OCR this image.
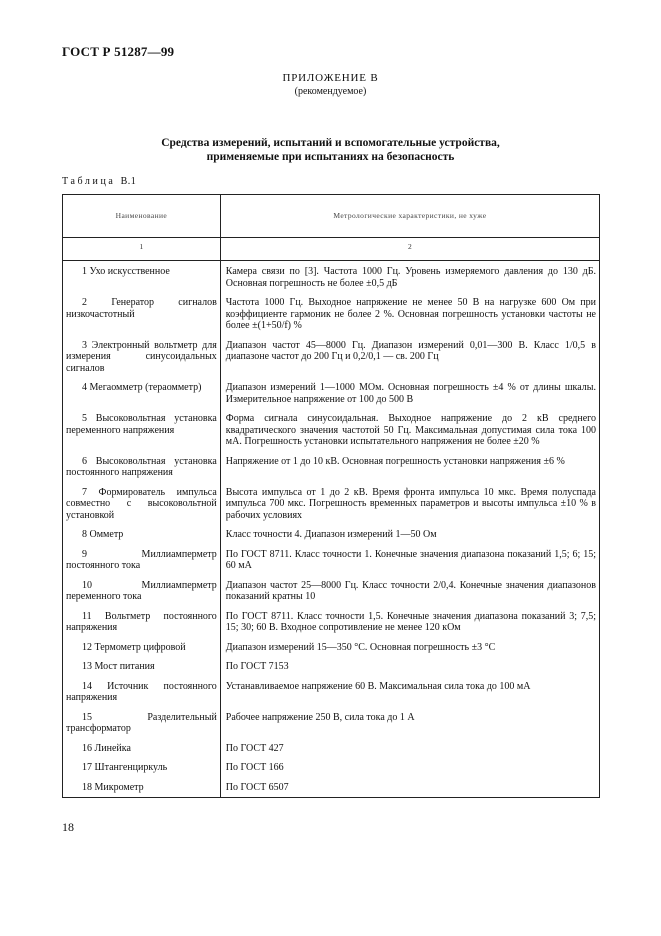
ГОСТ Р 51287—99
ПРИЛОЖЕНИЕ В
(рекомендуемое)
Средства измерений, испытаний и вспомогательные устройства,
применяемые при испытаниях на безопасность
Таблица В.1
Наименование	Метрологические характеристики, не хуже
1	2
1 Ухо искусственное	Камера связи по [3]. Частота 1000 Гц. Уровень измеряемого давления до 130 дБ. Основная погрешность не более ±0,5 дБ
2 Генератор сигналов низкочастотный	Частота 1000 Гц. Выходное напряжение не менее 50 В на нагрузке 600 Ом при коэффициенте гармоник не более 2 %. Основная погрешность установки частоты не более ±(1+50/f) %
3 Электронный вольтметр для измерения синусоидальных сигналов	Диапазон частот 45—8000 Гц. Диапазон измерений 0,01—300 В. Класс 1/0,5 в диапазоне частот до 200 Гц и 0,2/0,1 — св. 200 Гц
4 Мегаомметр (тераомметр)	Диапазон измерений 1—1000 МОм. Основная погрешность ±4 % от длины шкалы. Измерительное напряжение от 100 до 500 В
5 Высоковольтная установка переменного напряжения	Форма сигнала синусоидальная. Выходное напряжение до 2 кВ среднего квадратического значения частотой 50 Гц. Максимальная допустимая сила тока 100 мА. Погрешность установки испытательного напряжения не более ±20 %
6 Высоковольтная установка постоянного напряжения	Напряжение от 1 до 10 кВ. Основная погрешность установки напряжения ±6 %
7 Формирователь импульса совместно с высоковольтной установкой	Высота импульса от 1 до 2 кВ. Время фронта импульса 10 мкс. Время полуспада импульса 700 мкс. Погрешность временных параметров и высоты импульса ±10 % в рабочих условиях
8 Омметр	Класс точности 4. Диапазон измерений 1—50 Ом
9 Миллиамперметр постоянного тока	По ГОСТ 8711. Класс точности 1. Конечные значения диапазона показаний 1,5; 6; 15; 60 мА
10 Миллиамперметр переменного тока	Диапазон частот 25—8000 Гц. Класс точности 2/0,4. Конечные значения диапазонов показаний кратны 10
11 Вольтметр постоянного напряжения	По ГОСТ 8711. Класс точности 1,5. Конечные значения диапазона показаний 3; 7,5; 15; 30; 60 В. Входное сопротивление не менее 120 кОм
12 Термометр цифровой	Диапазон измерений 15—350 °С. Основная погрешность ±3 °С
13 Мост питания	По ГОСТ 7153
14 Источник постоянного напряжения	Устанавливаемое напряжение 60 В. Максимальная сила тока до 100 мА
15 Разделительный трансформатор	Рабочее напряжение 250 В, сила тока до 1 А
16 Линейка	По ГОСТ 427
17 Штангенциркуль	По ГОСТ 166
18 Микрометр	По ГОСТ 6507
18
